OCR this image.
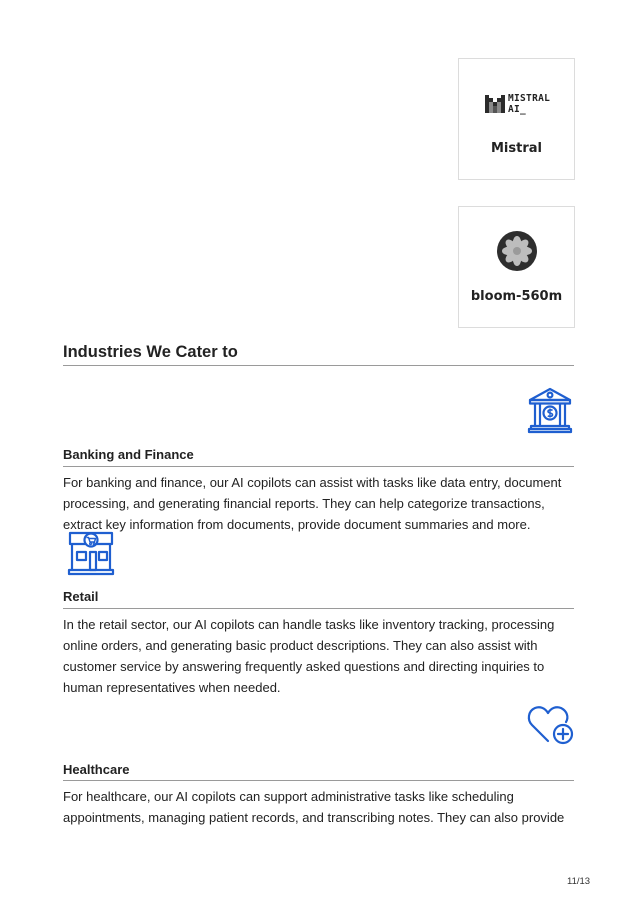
MISTRAL
AI_
Mistral
bloom-560m
Industries We Cater to
Banking and Finance
For banking and finance, our AI copilots can assist with tasks like data entry, document processing, and generating financial reports. They can help categorize transactions, extract key information from documents, provide document summaries and more.
Retail
In the retail sector, our AI copilots can handle tasks like inventory tracking, processing online orders, and generating basic product descriptions. They can also assist with customer service by answering frequently asked questions and directing inquiries to human representatives when needed.
Healthcare
For healthcare, our AI copilots can support administrative tasks like scheduling appointments, managing patient records, and transcribing notes. They can also provide
11/13
